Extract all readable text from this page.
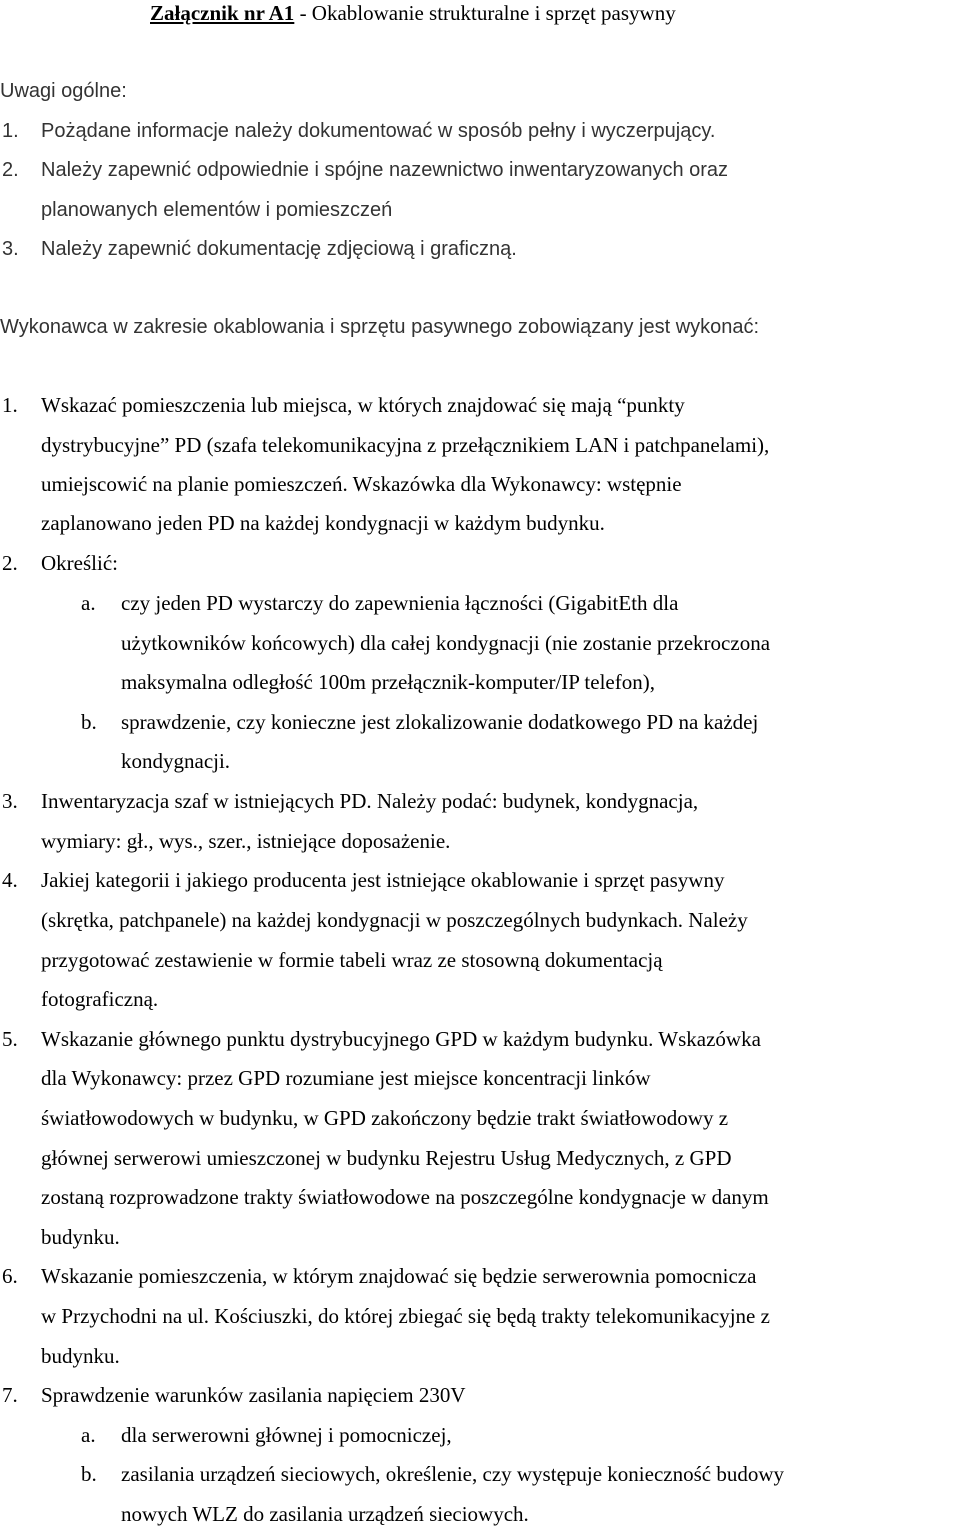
Załącznik nr A1 - Okablowanie strukturalne i sprzęt pasywny
Uwagi ogólne:
1. Pożądane informacje należy dokumentować w sposób pełny i wyczerpujący.
2. Należy zapewnić odpowiednie i spójne nazewnictwo inwentaryzowanych oraz
planowanych elementów i pomieszczeń
3. Należy zapewnić dokumentację zdjęciową i graficzną.
Wykonawca w zakresie okablowania i sprzętu pasywnego zobowiązany jest wykonać:
1. Wskazać pomieszczenia lub miejsca, w których znajdować się mają “punkty
dystrybucyjne” PD (szafa telekomunikacyjna z przełącznikiem LAN i patchpanelami),
umiejscowić na planie pomieszczeń. Wskazówka dla Wykonawcy: wstępnie
zaplanowano jeden PD na każdej kondygnacji w każdym budynku.
2. Określić:
a. czy jeden PD wystarczy do zapewnienia łączności (GigabitEth dla
użytkowników końcowych) dla całej kondygnacji (nie zostanie przekroczona
maksymalna odległość 100m przełącznik-komputer/IP telefon),
b. sprawdzenie, czy konieczne jest zlokalizowanie dodatkowego PD na każdej
kondygnacji.
3. Inwentaryzacja szaf w istniejących PD. Należy podać: budynek, kondygnacja,
wymiary: gł., wys., szer., istniejące doposażenie.
4. Jakiej kategorii i jakiego producenta jest istniejące okablowanie i sprzęt pasywny
(skrętka, patchpanele) na każdej kondygnacji w poszczególnych budynkach. Należy
przygotować zestawienie w formie tabeli wraz ze stosowną dokumentacją
fotograficzną.
5. Wskazanie głównego punktu dystrybucyjnego GPD w każdym budynku. Wskazówka
dla Wykonawcy: przez GPD rozumiane jest miejsce koncentracji linków
światłowodowych w budynku, w GPD zakończony będzie trakt światłowodowy z
głównej serwerowi umieszczonej w budynku Rejestru Usług Medycznych, z GPD
zostaną rozprowadzone trakty światłowodowe na poszczególne kondygnacje w danym
budynku.
6. Wskazanie pomieszczenia, w którym znajdować się będzie serwerownia pomocnicza
w Przychodni na ul. Kościuszki, do której zbiegać się będą trakty telekomunikacyjne z
budynku.
7. Sprawdzenie warunków zasilania napięciem 230V
a. dla serwerowni głównej i pomocniczej,
b. zasilania urządzeń sieciowych, określenie, czy występuje konieczność budowy
nowych WLZ do zasilania urządzeń sieciowych.
